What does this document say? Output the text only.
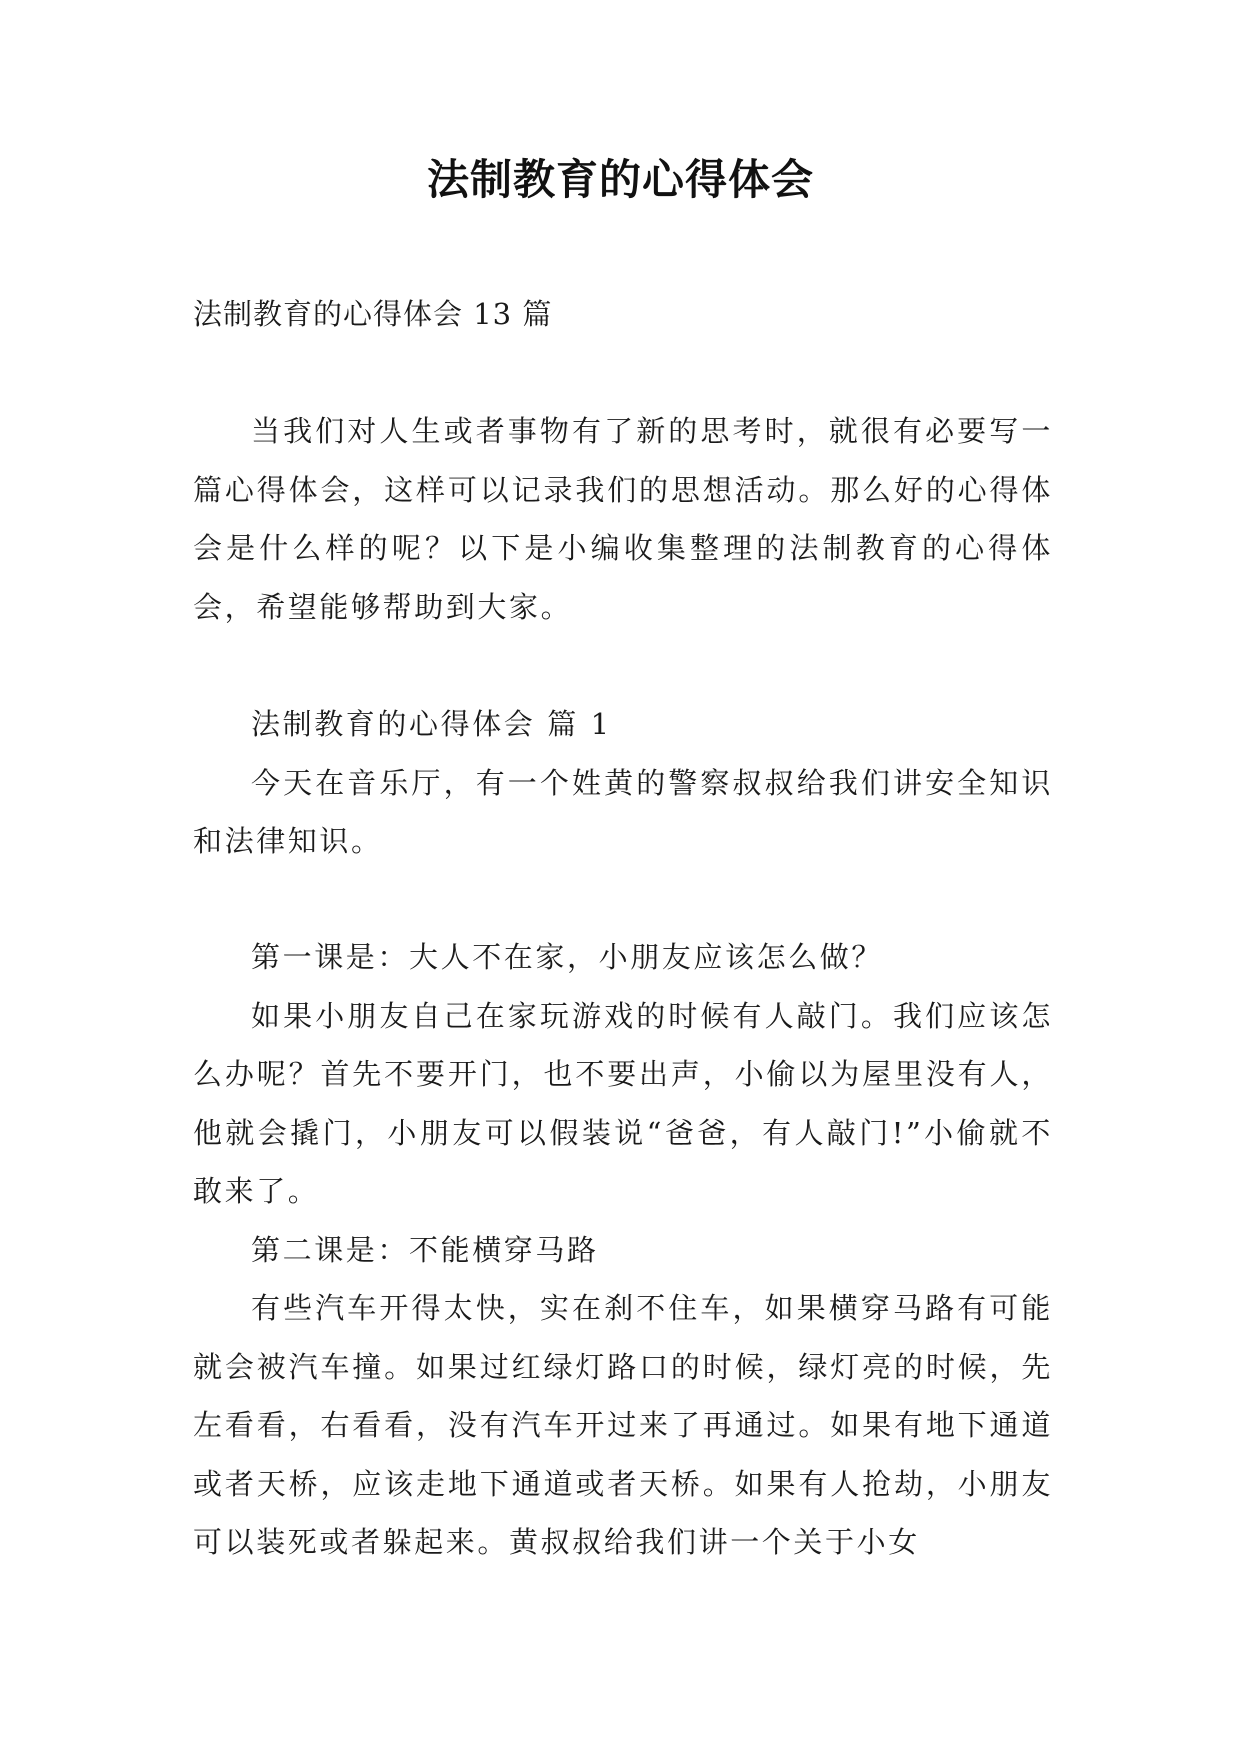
法制教育的心得体会
法制教育的心得体会 13 篇

当我们对人生或者事物有了新的思考时，就很有必要写一篇心得体会，这样可以记录我们的思想活动。那么好的心得体会是什么样的呢？以下是小编收集整理的法制教育的心得体会，希望能够帮助到大家。

法制教育的心得体会 篇 1

今天在音乐厅，有一个姓黄的警察叔叔给我们讲安全知识和法律知识。

第一课是：大人不在家，小朋友应该怎么做？

如果小朋友自己在家玩游戏的时候有人敲门。我们应该怎么办呢？首先不要开门，也不要出声，小偷以为屋里没有人，他就会撬门，小朋友可以假装说“爸爸，有人敲门!”小偷就不敢来了。

第二课是：不能横穿马路

有些汽车开得太快，实在刹不住车，如果横穿马路有可能就会被汽车撞。如果过红绿灯路口的时候，绿灯亮的时候，先左看看，右看看，没有汽车开过来了再通过。如果有地下通道或者天桥，应该走地下通道或者天桥。如果有人抢劫，小朋友可以装死或者躲起来。黄叔叔给我们讲一个关于小女
